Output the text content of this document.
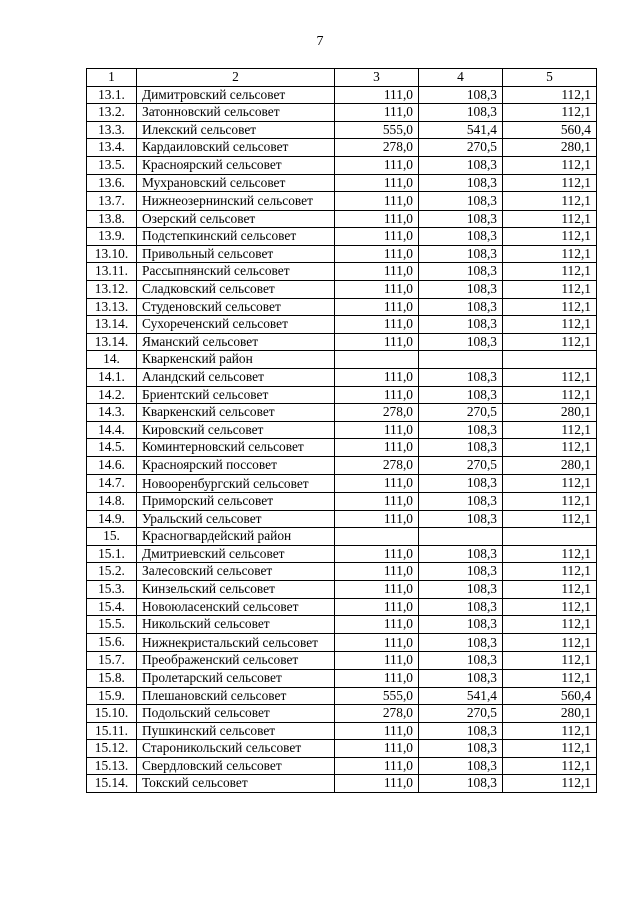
7
1	2	3	4	5
13.1.	Димитровский сельсовет	111,0	108,3	112,1
13.2.	Затонновский сельсовет	111,0	108,3	112,1
13.3.	Илекский сельсовет	555,0	541,4	560,4
13.4.	Кардаиловский сельсовет	278,0	270,5	280,1
13.5.	Красноярский сельсовет	111,0	108,3	112,1
13.6.	Мухрановский сельсовет	111,0	108,3	112,1
13.7.	Нижнеозернинский сельсовет	111,0	108,3	112,1
13.8.	Озерский сельсовет	111,0	108,3	112,1
13.9.	Подстепкинский сельсовет	111,0	108,3	112,1
13.10.	Привольный сельсовет	111,0	108,3	112,1
13.11.	Рассыпнянский сельсовет	111,0	108,3	112,1
13.12.	Сладковский сельсовет	111,0	108,3	112,1
13.13.	Студеновский сельсовет	111,0	108,3	112,1
13.14.	Сухореченский сельсовет	111,0	108,3	112,1
13.14.	Яманский сельсовет	111,0	108,3	112,1
14.	Кваркенский район			
14.1.	Аландский сельсовет	111,0	108,3	112,1
14.2.	Бриентский сельсовет	111,0	108,3	112,1
14.3.	Кваркенский сельсовет	278,0	270,5	280,1
14.4.	Кировский сельсовет	111,0	108,3	112,1
14.5.	Коминтерновский сельсовет	111,0	108,3	112,1
14.6.	Красноярский поссовет	278,0	270,5	280,1
14.7.	Новооренбургский сельсовет	111,0	108,3	112,1
14.8.	Приморский сельсовет	111,0	108,3	112,1
14.9.	Уральский сельсовет	111,0	108,3	112,1
15.	Красногвардейский район			
15.1.	Дмитриевский сельсовет	111,0	108,3	112,1
15.2.	Залесовский сельсовет	111,0	108,3	112,1
15.3.	Кинзельский сельсовет	111,0	108,3	112,1
15.4.	Новоюласенский сельсовет	111,0	108,3	112,1
15.5.	Никольский сельсовет	111,0	108,3	112,1
15.6.	Нижнекристальский сельсовет	111,0	108,3	112,1
15.7.	Преображенский сельсовет	111,0	108,3	112,1
15.8.	Пролетарский сельсовет	111,0	108,3	112,1
15.9.	Плешановский сельсовет	555,0	541,4	560,4
15.10.	Подольский сельсовет	278,0	270,5	280,1
15.11.	Пушкинский сельсовет	111,0	108,3	112,1
15.12.	Староникольский сельсовет	111,0	108,3	112,1
15.13.	Свердловский сельсовет	111,0	108,3	112,1
15.14.	Токский сельсовет	111,0	108,3	112,1
